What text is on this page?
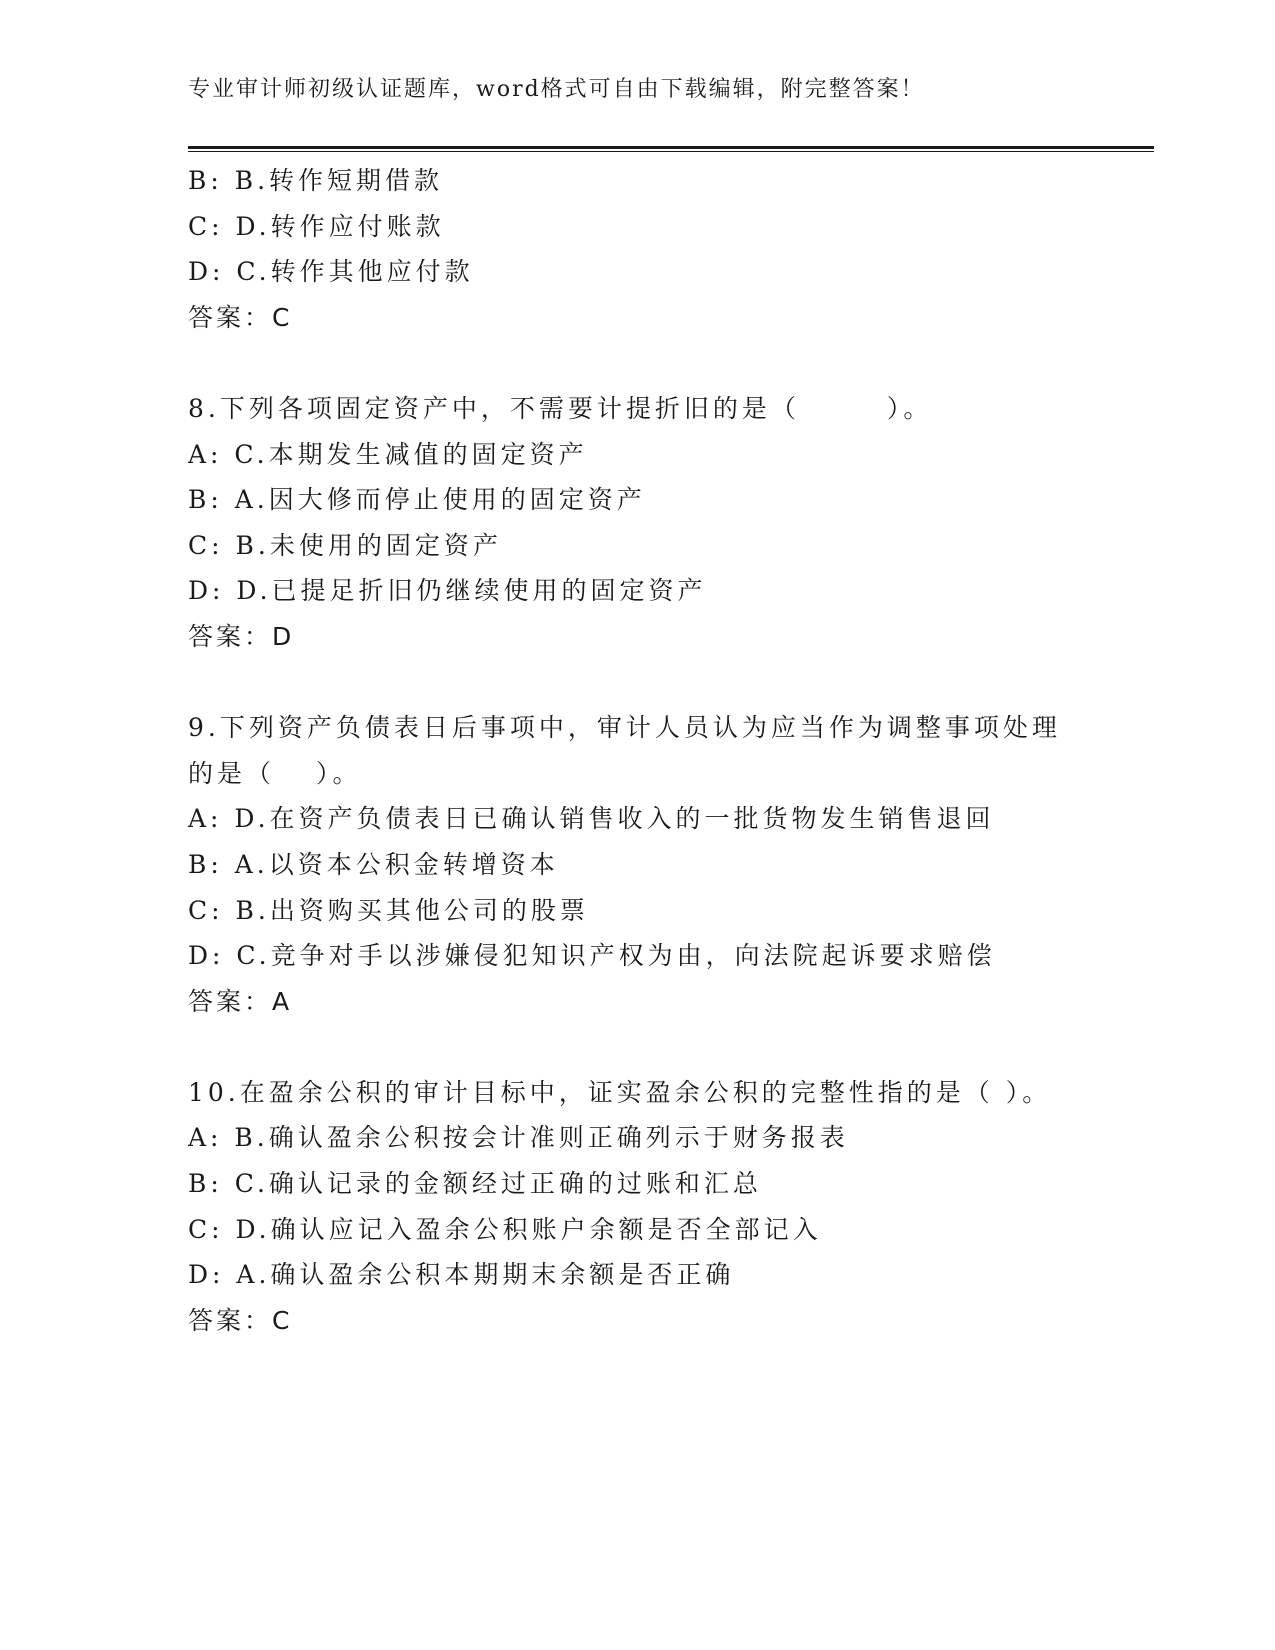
专业审计师初级认证题库，word格式可自由下载编辑，附完整答案！
B: B.转作短期借款
C: D.转作应付账款
D: C.转作其他应付款
答案：C
8.下列各项固定资产中，不需要计提折旧的是（　　　）。
A: C.本期发生减值的固定资产
B: A.因大修而停止使用的固定资产
C: B.未使用的固定资产
D: D.已提足折旧仍继续使用的固定资产
答案：D
9.下列资产负债表日后事项中，审计人员认为应当作为调整事项处理
的是（　 ）。
A: D.在资产负债表日已确认销售收入的一批货物发生销售退回
B: A.以资本公积金转增资本
C: B.出资购买其他公司的股票
D: C.竞争对手以涉嫌侵犯知识产权为由，向法院起诉要求赔偿
答案：A
10.在盈余公积的审计目标中，证实盈余公积的完整性指的是（ ）。
A: B.确认盈余公积按会计准则正确列示于财务报表
B: C.确认记录的金额经过正确的过账和汇总
C: D.确认应记入盈余公积账户余额是否全部记入
D: A.确认盈余公积本期期末余额是否正确
答案：C
